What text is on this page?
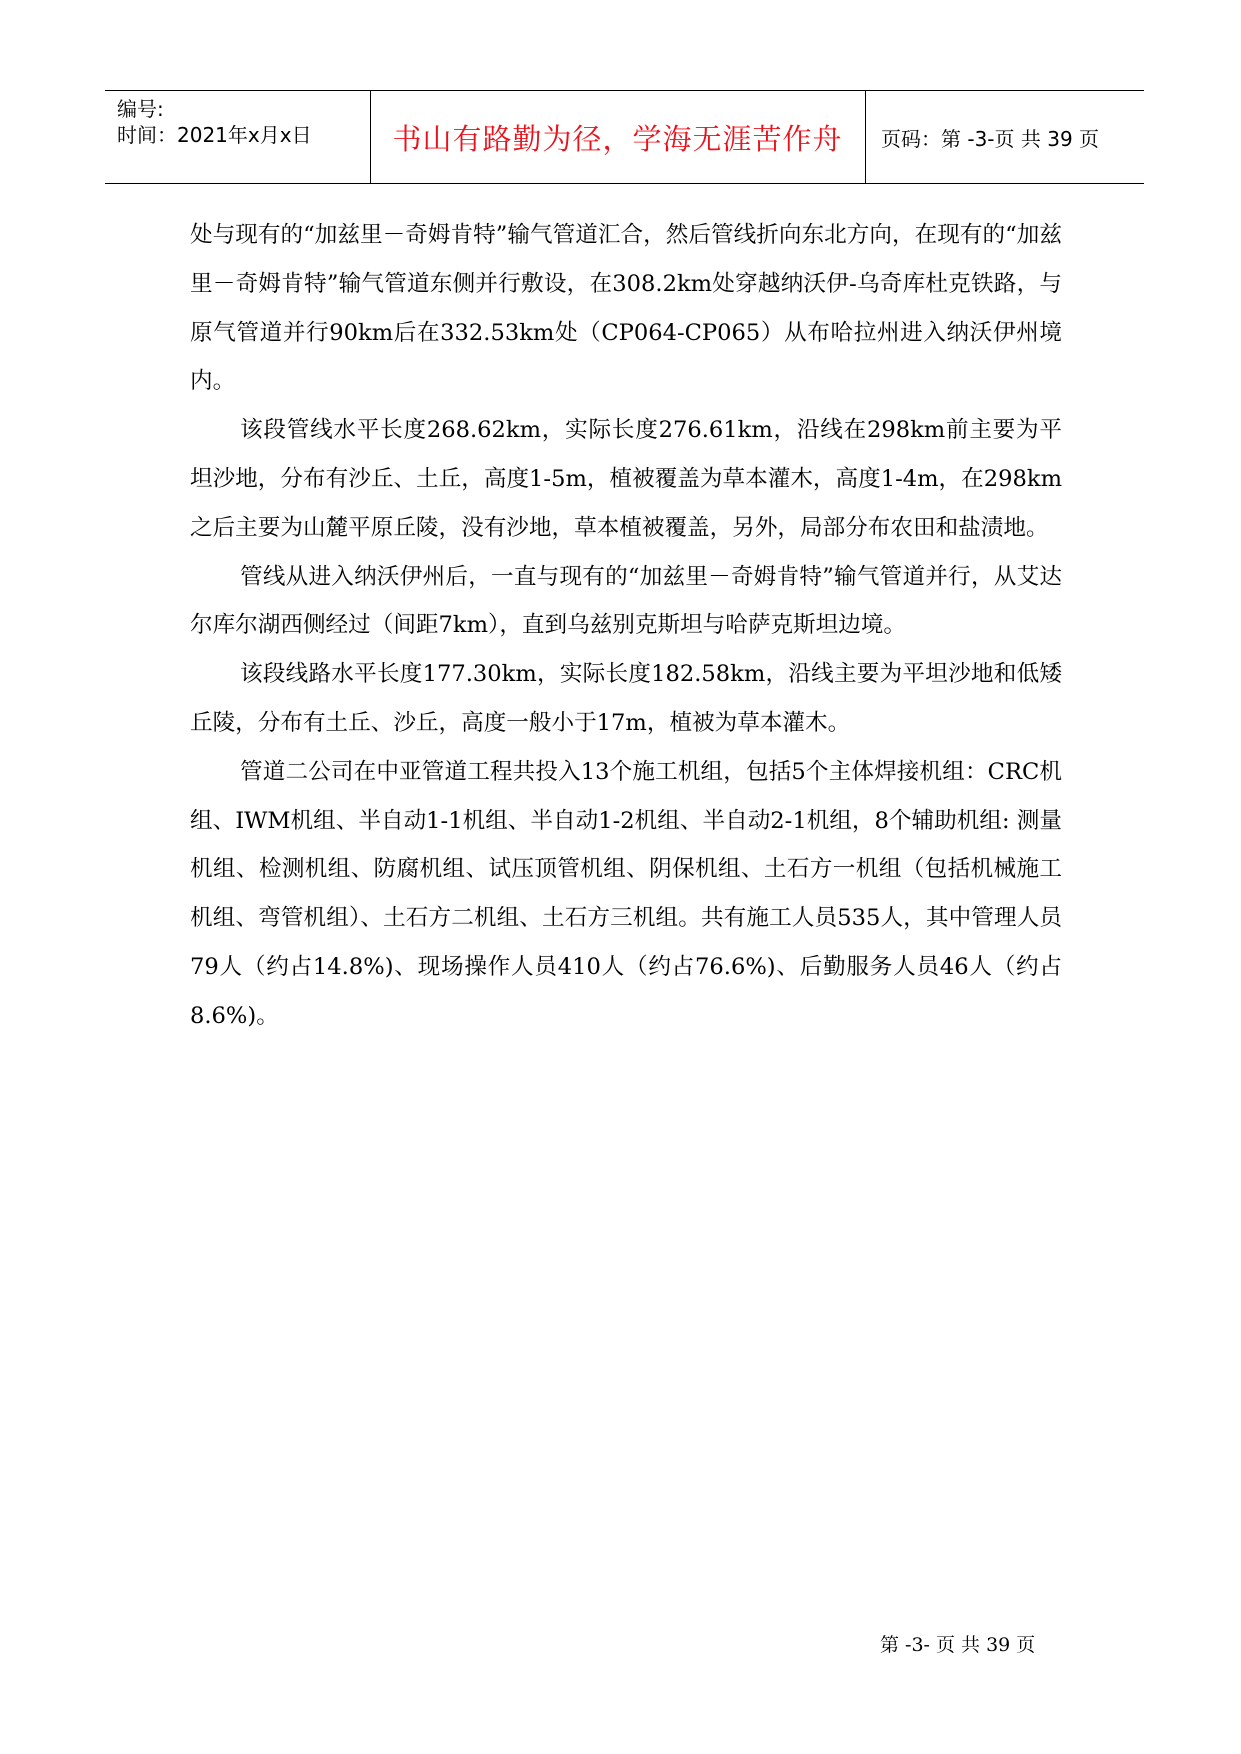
编号:
时间：2021年x月x日	书山有路勤为径，学海无涯苦作舟 页码：第 -3-页 共 39 页

处与现有的“加兹里－奇姆肯特”输气管道汇合，然后管线折向东北方向，在现有的“加兹里－奇姆肯特”输气管道东侧并行敷设，在308.2km处穿越纳沃伊-乌奇库杜克铁路，与原气管道并行90km后在332.53km处（CP064-CP065）从布哈拉州进入纳沃伊州境内。

该段管线水平长度268.62km，实际长度276.61km，沿线在298km前主要为平坦沙地，分布有沙丘、土丘，高度1-5m，植被覆盖为草本灌木，高度1-4m，在298km之后主要为山麓平原丘陵，没有沙地，草本植被覆盖，另外，局部分布农田和盐渍地。

管线从进入纳沃伊州后，一直与现有的“加兹里－奇姆肯特”输气管道并行，从艾达尔库尔湖西侧经过（间距7km），直到乌兹别克斯坦与哈萨克斯坦边境。

该段线路水平长度177.30km，实际长度182.58km，沿线主要为平坦沙地和低矮丘陵，分布有土丘、沙丘，高度一般小于17m，植被为草本灌木。

管道二公司在中亚管道工程共投入13个施工机组，包括5个主体焊接机组：CRC机组、IWM机组、半自动1-1机组、半自动1-2机组、半自动2-1机组，8个辅助机组: 测量机组、检测机组、防腐机组、试压顶管机组、阴保机组、土石方一机组（包括机械施工机组、弯管机组）、土石方二机组、土石方三机组。共有施工人员535人，其中管理人员79人（约占14.8%)、现场操作人员410人（约占76.6%)、后勤服务人员46人（约占8.6%)。

第 -3- 页 共 39 页
